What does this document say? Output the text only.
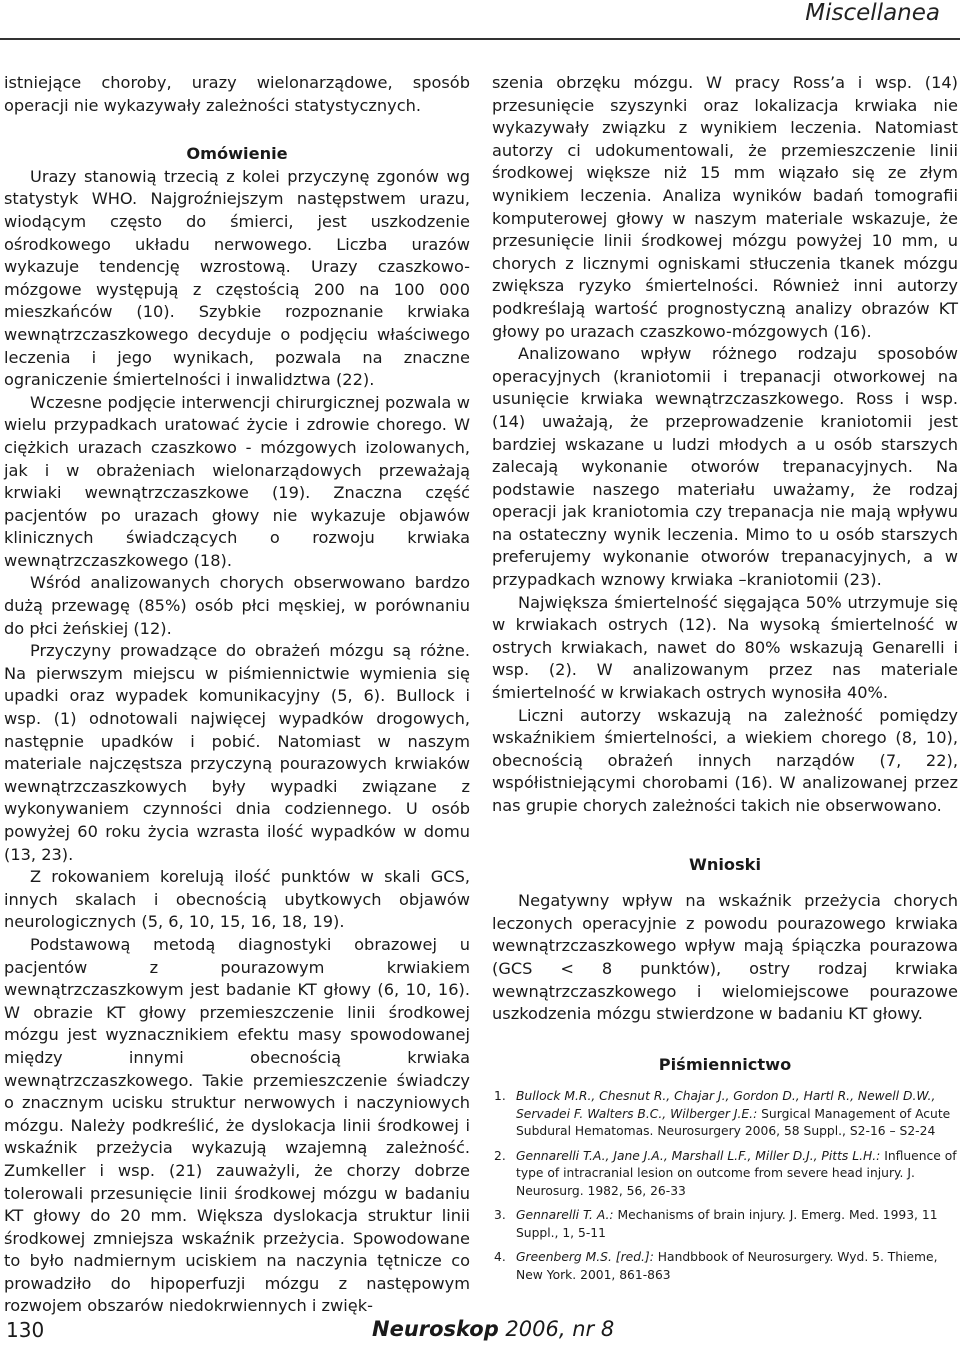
Miscellanea

istniejące choroby, urazy wielonarządowe, sposób operacji nie wykazywały zależności statystycznych.

Omówienie

Urazy stanowią trzecią z kolei przyczynę zgonów wg statystyk WHO. Najgroźniejszym następstwem urazu, wiodącym często do śmierci, jest uszkodzenie ośrodkowego układu nerwowego. Liczba urazów wykazuje tendencję wzrostową. Urazy czaszkowo-mózgowe występują z częstością 200 na 100 000 mieszkańców (10). Szybkie rozpoznanie krwiaka wewnątrzczaszkowego decyduje o podjęciu właściwego leczenia i jego wynikach, pozwala na znaczne ograniczenie śmiertelności i inwalidztwa (22).

Wczesne podjęcie interwencji chirurgicznej pozwala w wielu przypadkach uratować życie i zdrowie chorego. W ciężkich urazach czaszkowo - mózgowych izolowanych, jak i w obrażeniach wielonarządowych przeważają krwiaki wewnątrzczaszkowe (19). Znaczna część pacjentów po urazach głowy nie wykazuje objawów klinicznych świadczących o rozwoju krwiaka wewnątrzczaszkowego (18).

Wśród analizowanych chorych obserwowano bardzo dużą przewagę (85%) osób płci męskiej, w porównaniu do płci żeńskiej (12).

Przyczyny prowadzące do obrażeń mózgu są różne. Na pierwszym miejscu w piśmiennictwie wymienia się upadki oraz wypadek komunikacyjny (5, 6). Bullock i wsp. (1) odnotowali najwięcej wypadków drogowych, następnie upadków i pobić. Natomiast w naszym materiale najczęstsza przyczyną pourazowych krwiaków wewnątrzczaszkowych były wypadki związane z wykonywaniem czynności dnia codziennego. U osób powyżej 60 roku życia wzrasta ilość wypadków w domu (13, 23).

Z rokowaniem korelują ilość punktów w skali GCS, innych skalach i obecnością ubytkowych objawów neurologicznych (5, 6, 10, 15, 16, 18, 19).

Podstawową metodą diagnostyki obrazowej u pacjentów z pourazowym krwiakiem wewnątrzczaszkowym jest badanie KT głowy (6, 10, 16). W obrazie KT głowy przemieszczenie linii środkowej mózgu jest wyznacznikiem efektu masy spowodowanej między innymi obecnością krwiaka wewnątrzczaszkowego. Takie przemieszczenie świadczy o znacznym ucisku struktur nerwowych i naczyniowych mózgu. Należy podkreślić, że dyslokacja linii środkowej i wskaźnik przeżycia wykazują wzajemną zależność. Zumkeller i wsp. (21) zauważyli, że chorzy dobrze tolerowali przesunięcie linii środkowej mózgu w badaniu KT głowy do 20 mm. Większa dyslokacja struktur linii środkowej zmniejsza wskaźnik przeżycia. Spowodowane to było nadmiernym uciskiem na naczynia tętnicze co prowadziło do hipoperfuzji mózgu z następowym rozwojem obszarów niedokrwiennych i zwięk-

szenia obrzęku mózgu. W pracy Ross’a i wsp. (14) przesunięcie szyszynki oraz lokalizacja krwiaka nie wykazywały związku z wynikiem leczenia. Natomiast autorzy ci udokumentowali, że przemieszczenie linii środkowej większe niż 15 mm wiązało się ze złym wynikiem leczenia. Analiza wyników badań tomografii komputerowej głowy w naszym materiale wskazuje, że przesunięcie linii środkowej mózgu powyżej 10 mm, u chorych z licznymi ogniskami stłuczenia tkanek mózgu zwiększa ryzyko śmiertelności. Również inni autorzy podkreślają wartość prognostyczną analizy obrazów KT głowy po urazach czaszkowo-mózgowych (16).

Analizowano wpływ różnego rodzaju sposobów operacyjnych (kraniotomii i trepanacji otworkowej na usunięcie krwiaka wewnątrzczaszkowego. Ross i wsp. (14) uważają, że przeprowadzenie kraniotomii jest bardziej wskazane u ludzi młodych a u osób starszych zalecają wykonanie otworów trepanacyjnych. Na podstawie naszego materiału uważamy, że rodzaj operacji jak kraniotomia czy trepanacja nie mają wpływu na ostateczny wynik leczenia. Mimo to u osób starszych preferujemy wykonanie otworów trepanacyjnych, a w przypadkach wznowy krwiaka –kraniotomii (23).

Największa śmiertelność sięgająca 50% utrzymuje się w krwiakach ostrych (12). Na wysoką śmiertelność w ostrych krwiakach, nawet do 80% wskazują Genarelli i wsp. (2). W analizowanym przez nas materiale śmiertelność w krwiakach ostrych wynosiła 40%.

Liczni autorzy wskazują na zależność pomiędzy wskaźnikiem śmiertelności, a wiekiem chorego (8, 10), obecnością obrażeń innych narządów (7, 22), współistniejącymi chorobami (16). W analizowanej przez nas grupie chorych zależności takich nie obserwowano.

Wnioski

Negatywny wpływ na wskaźnik przeżycia chorych leczonych operacyjnie z powodu pourazowego krwiaka wewnątrzczaszkowego wpływ mają śpiączka pourazowa (GCS < 8 punktów), ostry rodzaj krwiaka wewnątrzczaszkowego i wielomiejscowe pourazowe uszkodzenia mózgu stwierdzone w badaniu KT głowy.

Piśmiennictwo
1. Bullock M.R., Chesnut R., Chajar J., Gordon D., Hartl R., Newell D.W., Servadei F. Walters B.C., Wilberger J.E.: Surgical Management of Acute Subdural Hematomas. Neurosurgery 2006, 58 Suppl., S2-16 – S2-24
2. Gennarelli T.A., Jane J.A., Marshall L.F., Miller D.J., Pitts L.H.: Influence of type of intracranial lesion on outcome from severe head injury. J. Neurosurg. 1982, 56, 26-33
3. Gennarelli T. A.: Mechanisms of brain injury. J. Emerg. Med. 1993, 11 Suppl., 1, 5-11
4. Greenberg M.S. [red.]: Handbbook of Neurosurgery. Wyd. 5. Thieme, New York. 2001, 861-863
130	Neuroskop 2006, nr 8
